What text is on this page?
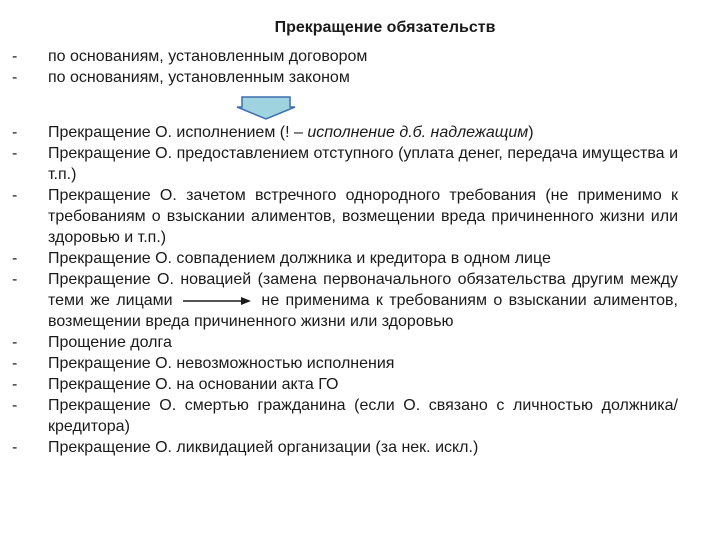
Прекращение обязательств
- по основаниям, установленным договором
- по основаниям, установленным законом
- Прекращение О. исполнением (! – исполнение д.б. надлежащим)
- Прекращение О. предоставлением отступного (уплата денег, передача имущества и т.п.)
- Прекращение О. зачетом встречного однородного требования (не применимо к требованиям о взыскании алиментов, возмещении вреда причиненного жизни или здоровью и т.п.)
- Прекращение О. совпадением должника и кредитора в одном лице
- Прекращение О. новацией (замена первоначального обязательства другим между теми же лицами	не применима к требованиям о взыскании алиментов, возмещении вреда причиненного жизни или здоровью
- Прощение долга
- Прекращение О. невозможностью исполнения
- Прекращение О. на основании акта ГО
- Прекращение О. смертью гражданина (если О. связано с личностью должника/кредитора)
- Прекращение О. ликвидацией организации (за нек. искл.)
